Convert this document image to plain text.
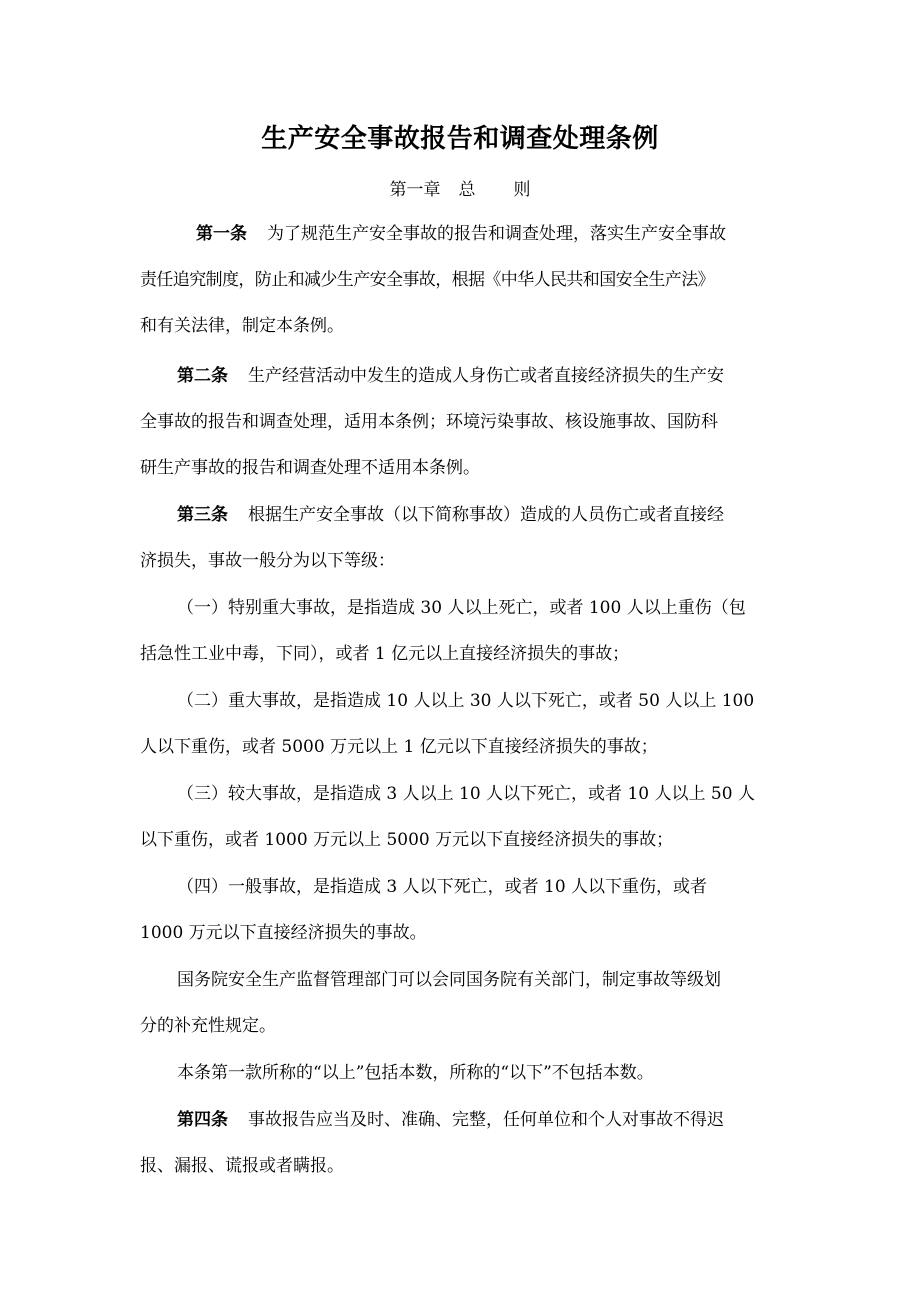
生产安全事故报告和调查处理条例
第一章 总 则
第一条 为了规范生产安全事故的报告和调查处理，落实生产安全事故
责任追究制度，防止和减少生产安全事故，根据《中华人民共和国安全生产法》
和有关法律，制定本条例。
第二条 生产经营活动中发生的造成人身伤亡或者直接经济损失的生产安
全事故的报告和调查处理，适用本条例；环境污染事故、核设施事故、国防科
研生产事故的报告和调查处理不适用本条例。
第三条 根据生产安全事故（以下简称事故）造成的人员伤亡或者直接经
济损失，事故一般分为以下等级：
（一）特别重大事故，是指造成 30 人以上死亡，或者 100 人以上重伤（包
括急性工业中毒，下同），或者 1 亿元以上直接经济损失的事故；
（二）重大事故，是指造成 10 人以上 30 人以下死亡，或者 50 人以上 100
人以下重伤，或者 5000 万元以上 1 亿元以下直接经济损失的事故；
（三）较大事故，是指造成 3 人以上 10 人以下死亡，或者 10 人以上 50 人
以下重伤，或者 1000 万元以上 5000 万元以下直接经济损失的事故；
（四）一般事故，是指造成 3 人以下死亡，或者 10 人以下重伤，或者
1000 万元以下直接经济损失的事故。
国务院安全生产监督管理部门可以会同国务院有关部门，制定事故等级划
分的补充性规定。
本条第一款所称的“以上”包括本数，所称的“以下”不包括本数。
第四条 事故报告应当及时、准确、完整，任何单位和个人对事故不得迟
报、漏报、谎报或者瞒报。
